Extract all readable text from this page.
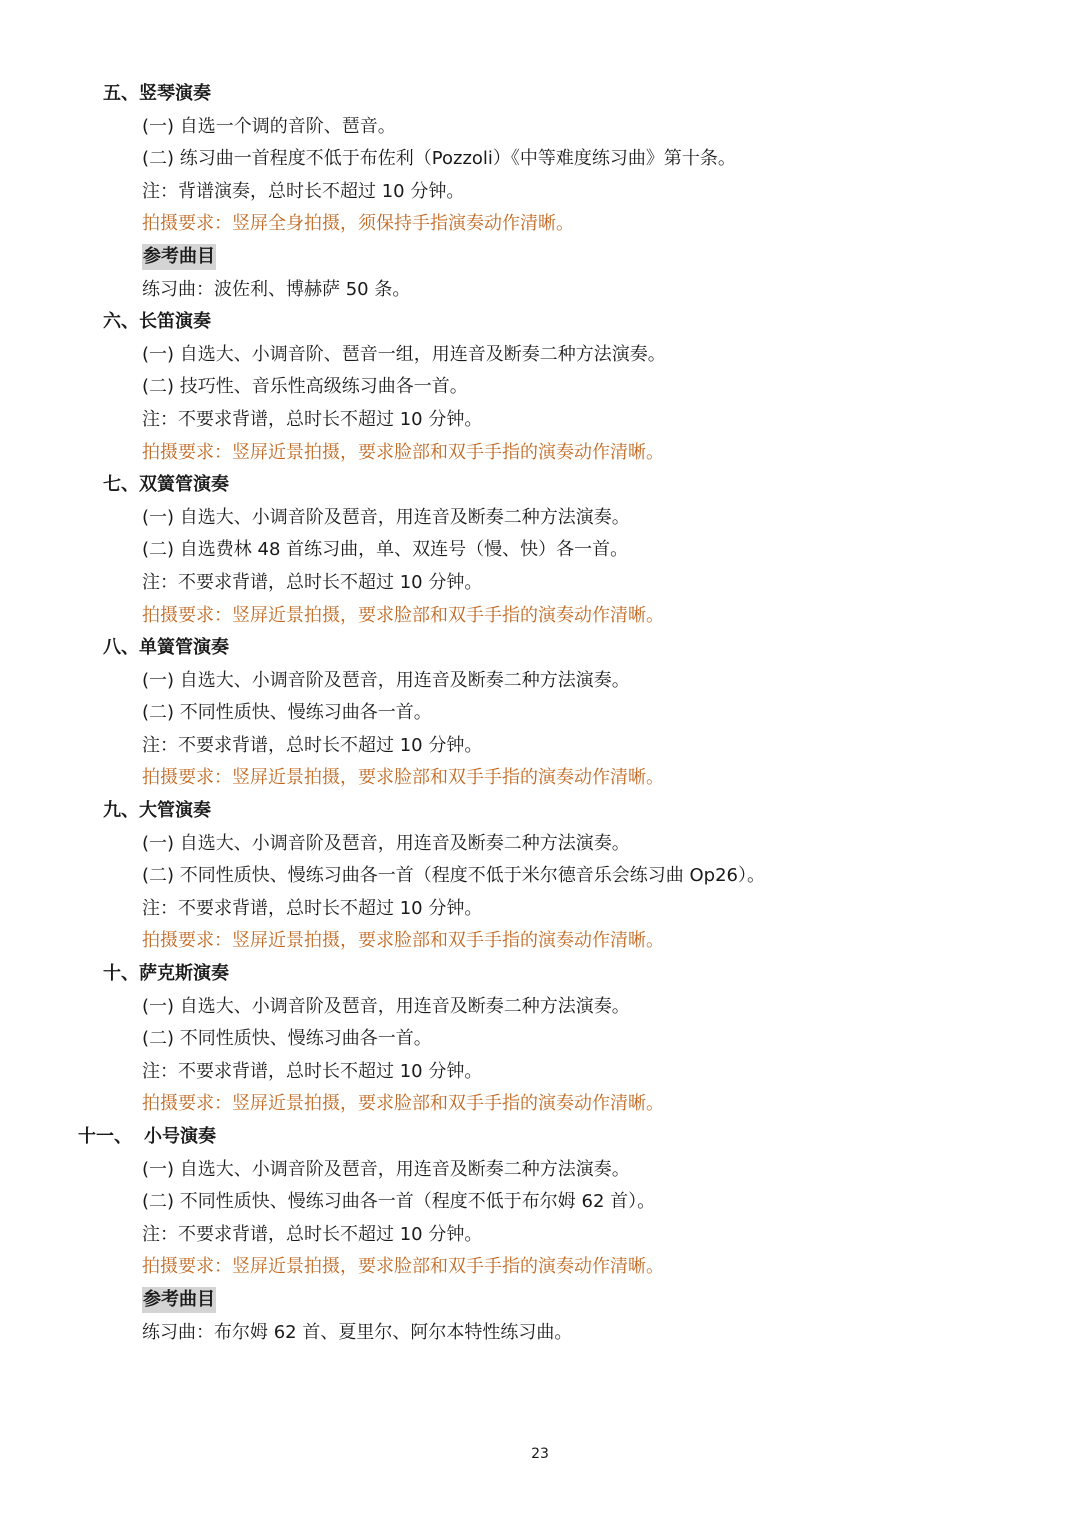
五、竖琴演奏
(一) 自选一个调的音阶、琶音。
(二) 练习曲一首程度不低于布佐利（Pozzoli）《中等难度练习曲》第十条。
注：背谱演奏，总时长不超过 10 分钟。
拍摄要求：竖屏全身拍摄，须保持手指演奏动作清晰。
参考曲目
练习曲：波佐利、博赫萨 50 条。
六、长笛演奏
(一) 自选大、小调音阶、琶音一组，用连音及断奏二种方法演奏。
(二) 技巧性、音乐性高级练习曲各一首。
注：不要求背谱，总时长不超过 10 分钟。
拍摄要求：竖屏近景拍摄，要求脸部和双手手指的演奏动作清晰。
七、双簧管演奏
(一) 自选大、小调音阶及琶音，用连音及断奏二种方法演奏。
(二) 自选费林 48 首练习曲，单、双连号（慢、快）各一首。
注：不要求背谱，总时长不超过 10 分钟。
拍摄要求：竖屏近景拍摄，要求脸部和双手手指的演奏动作清晰。
八、单簧管演奏
(一) 自选大、小调音阶及琶音，用连音及断奏二种方法演奏。
(二) 不同性质快、慢练习曲各一首。
注：不要求背谱，总时长不超过 10 分钟。
拍摄要求：竖屏近景拍摄，要求脸部和双手手指的演奏动作清晰。
九、大管演奏
(一) 自选大、小调音阶及琶音，用连音及断奏二种方法演奏。
(二) 不同性质快、慢练习曲各一首（程度不低于米尔德音乐会练习曲 Op26）。
注：不要求背谱，总时长不超过 10 分钟。
拍摄要求：竖屏近景拍摄，要求脸部和双手手指的演奏动作清晰。
十、萨克斯演奏
(一) 自选大、小调音阶及琶音，用连音及断奏二种方法演奏。
(二) 不同性质快、慢练习曲各一首。
注：不要求背谱，总时长不超过 10 分钟。
拍摄要求：竖屏近景拍摄，要求脸部和双手手指的演奏动作清晰。
十一、 小号演奏
(一) 自选大、小调音阶及琶音，用连音及断奏二种方法演奏。
(二) 不同性质快、慢练习曲各一首（程度不低于布尔姆 62 首）。
注：不要求背谱，总时长不超过 10 分钟。
拍摄要求：竖屏近景拍摄，要求脸部和双手手指的演奏动作清晰。
参考曲目
练习曲：布尔姆 62 首、夏里尔、阿尔本特性练习曲。
23
